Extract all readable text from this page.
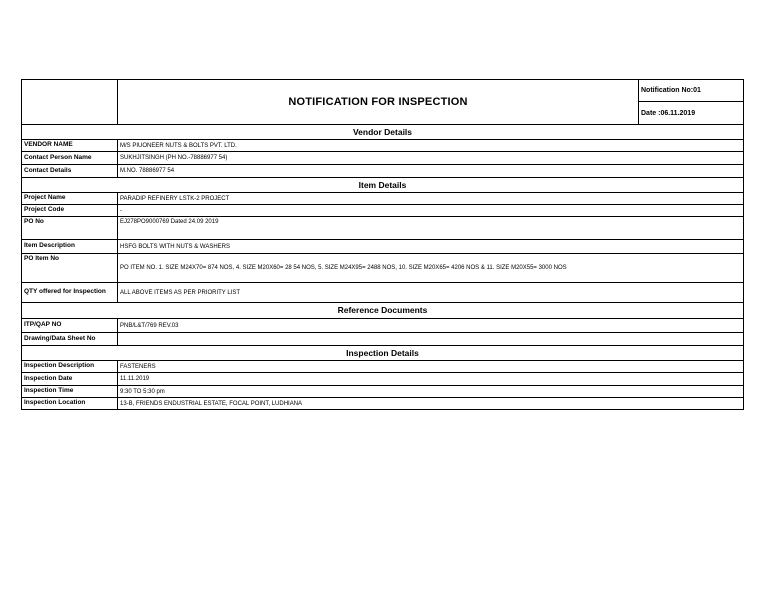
	NOTIFICATION FOR INSPECTION	Notification No:01
		Date :06.11.2019
Vendor Details		
VENDOR NAME	M/S PIUONEER NUTS & BOLTS PVT. LTD.	
Contact Person Name	SUKHJITSINGH (PH NO.-78886977 54)	
Contact Details	M.NO. 78886977 54	
Item Details		
Project Name	PARADIP REFINERY LSTK-2 PROJECT	
Project Code	-	
PO No	EJ278PO9000769 Dated 24.09 2019	
Item Description	HSFG BOLTS WITH NUTS & WASHERS	
PO Item No	PO ITEM NO. 1. SIZE M24X70= 874 NOS, 4. SIZE M20X60= 28 54 NOS, 5. SIZE M24X95= 2488 NOS, 10. SIZE M20X65= 4206 NOS & 11. SIZE M20X55= 3000 NOS	
QTY offered for Inspection	ALL ABOVE ITEMS AS PER PRIORITY LIST	
Reference Documents		
ITP/QAP NO	PNB/L&T/769 REV.03	
Drawing/Data Sheet No		
Inspection Details		
Inspection Description	FASTENERS	
Inspection Date	11.11.2019	
Inspection Time	9:30 TO 5:30 pm	
Inspection Location	13-B, FRIENDS ENDUSTRIAL ESTATE, FOCAL POINT, LUDHIANA	
